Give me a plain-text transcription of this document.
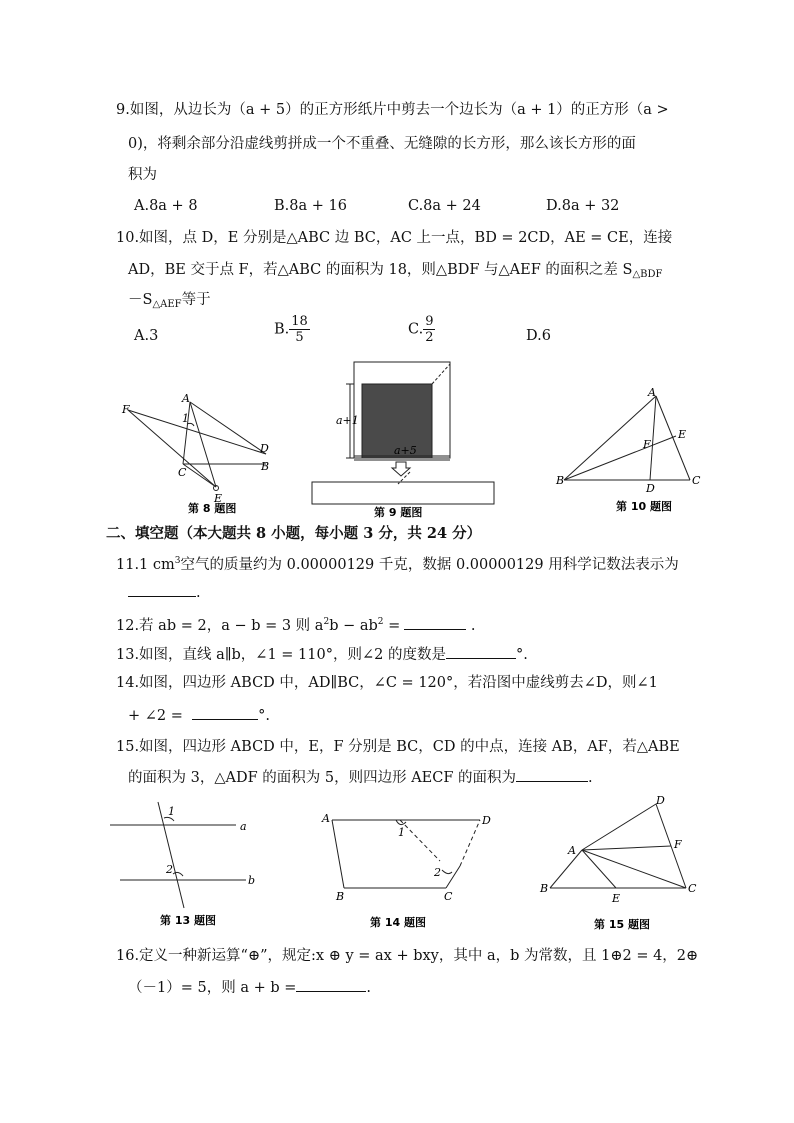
9.如图，从边长为（a + 5）的正方形纸片中剪去一个边长为（a + 1）的正方形（a >
0)，将剩余部分沿虚线剪拼成一个不重叠、无缝隙的长方形，那么该长方形的面
积为
A.8a + 8	B.8a + 16	C.8a + 24	D.8a + 32
10.如图，点 D，E 分别是△ABC 边 BC，AC 上一点，BD = 2CD，AE = CE，连接
AD，BE 交于点 F，若△ABC 的面积为 18，则△BDF 与△AEF 的面积之差 $S_{\triangle BDF}$
$-S_{\triangle AEF}$等于
A.3	B. $\frac{18}{5}$	C. $\frac{9}{2}$	D.6
F
A
1
D
C	B
E
第 8 题图
a+1
a+5
第 9 题图
A
E
F
B
D
C
第 10 题图
二、填空题（本大题共 8 小题，每小题 3 分，共 24 分）
11.1 $cm^3$空气的质量约为 0.00000129 千克，数据 0.00000129 用科学记数法表示为
.
12.若 ab = 2，a − b = 3 则 $a^2b - ab^2$ =	.
13.如图，直线 a∥b，∠1 = 110°，则∠2 的度数是	°.
14.如图，四边形 ABCD 中，AD∥BC，∠C = 120°，若沿图中虚线剪去∠D，则∠1
+ ∠2 =	°.
15.如图，四边形 ABCD 中，E，F 分别是 BC，CD 的中点，连接 AB，AF，若△ABE
的面积为 3，△ADF 的面积为 5，则四边形 AECF 的面积为	.
1
a
2
b
第 13 题图
A	D
1
2
B	C
第 14 题图
D
F
A
B
E
C
第 15 题图
16.定义一种新运算“⊕”，规定:x ⊕ y = ax + bxy，其中 a，b 为常数，且 1⊕2 = 4，2⊕
（－1）= 5，则 a + b =	.
